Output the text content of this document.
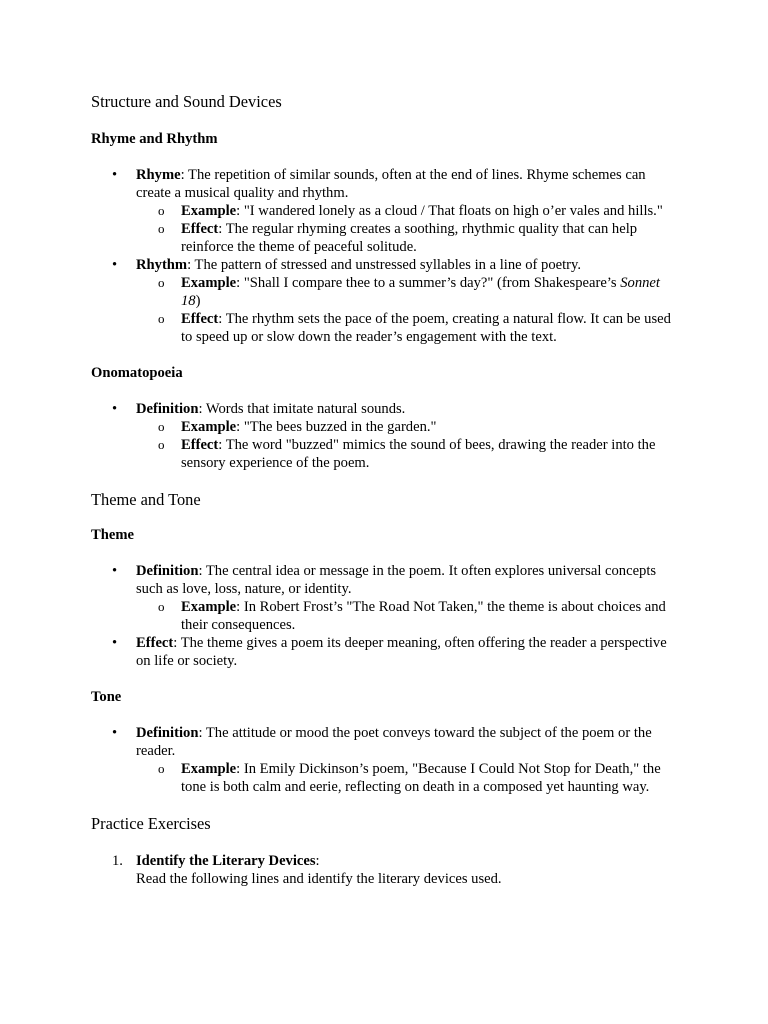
Structure and Sound Devices
Rhyme and Rhythm
• Rhyme: The repetition of similar sounds, often at the end of lines. Rhyme schemes can create a musical quality and rhythm.
o Example: "I wandered lonely as a cloud / That floats on high o’er vales and hills."
o Effect: The regular rhyming creates a soothing, rhythmic quality that can help reinforce the theme of peaceful solitude.
• Rhythm: The pattern of stressed and unstressed syllables in a line of poetry.
o Example: "Shall I compare thee to a summer’s day?" (from Shakespeare’s Sonnet 18)
o Effect: The rhythm sets the pace of the poem, creating a natural flow. It can be used to speed up or slow down the reader’s engagement with the text.
Onomatopoeia
• Definition: Words that imitate natural sounds.
o Example: "The bees buzzed in the garden."
o Effect: The word "buzzed" mimics the sound of bees, drawing the reader into the sensory experience of the poem.
Theme and Tone
Theme
• Definition: The central idea or message in the poem. It often explores universal concepts such as love, loss, nature, or identity.
o Example: In Robert Frost’s "The Road Not Taken," the theme is about choices and their consequences.
• Effect: The theme gives a poem its deeper meaning, often offering the reader a perspective on life or society.
Tone
• Definition: The attitude or mood the poet conveys toward the subject of the poem or the reader.
o Example: In Emily Dickinson’s poem, "Because I Could Not Stop for Death," the tone is both calm and eerie, reflecting on death in a composed yet haunting way.
Practice Exercises
1. Identify the Literary Devices:
Read the following lines and identify the literary devices used.
